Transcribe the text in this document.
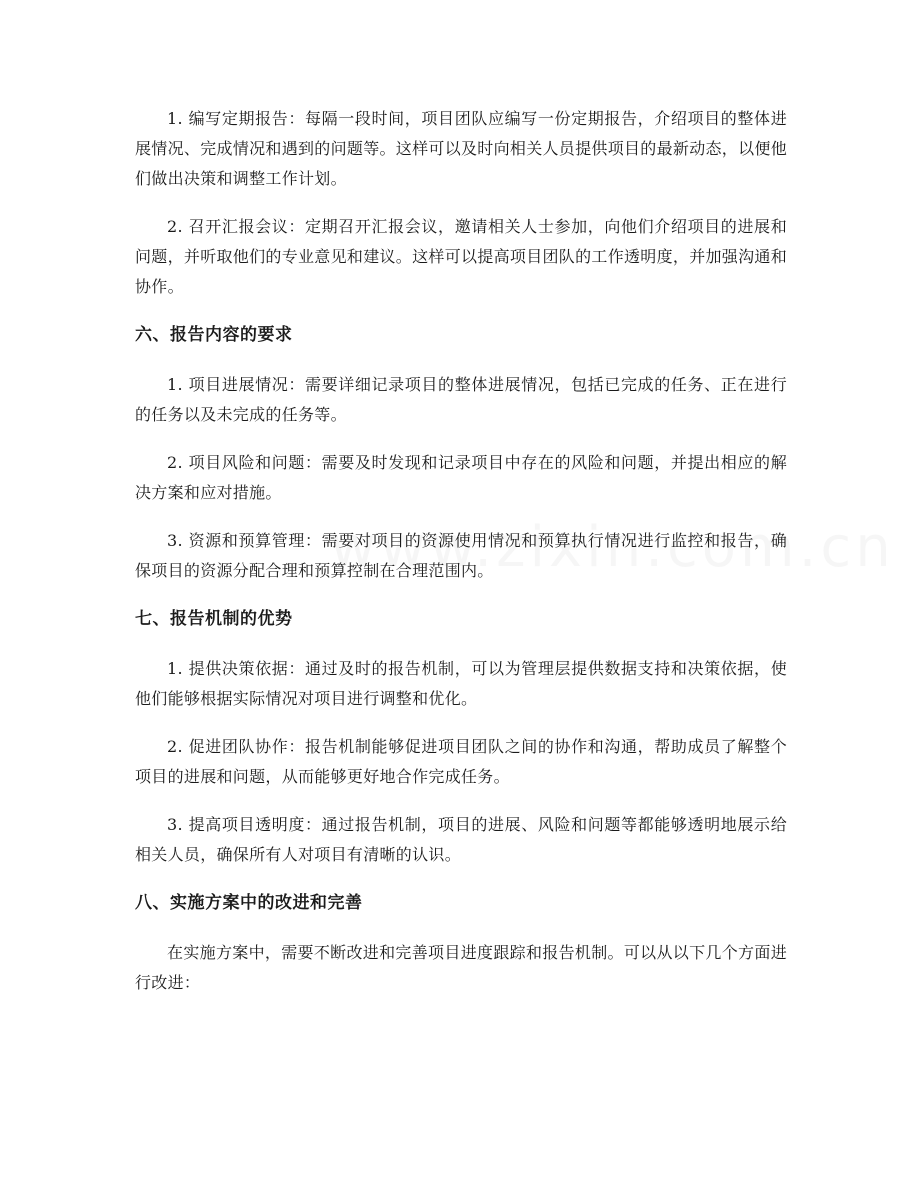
1. 编写定期报告：每隔一段时间，项目团队应编写一份定期报告，介绍项目的整体进展情况、完成情况和遇到的问题等。这样可以及时向相关人员提供项目的最新动态，以便他们做出决策和调整工作计划。

2. 召开汇报会议：定期召开汇报会议，邀请相关人士参加，向他们介绍项目的进展和问题，并听取他们的专业意见和建议。这样可以提高项目团队的工作透明度，并加强沟通和协作。

六、报告内容的要求

1. 项目进展情况：需要详细记录项目的整体进展情况，包括已完成的任务、正在进行的任务以及未完成的任务等。

2. 项目风险和问题：需要及时发现和记录项目中存在的风险和问题，并提出相应的解决方案和应对措施。

3. 资源和预算管理：需要对项目的资源使用情况和预算执行情况进行监控和报告，确保项目的资源分配合理和预算控制在合理范围内。

七、报告机制的优势

1. 提供决策依据：通过及时的报告机制，可以为管理层提供数据支持和决策依据，使他们能够根据实际情况对项目进行调整和优化。

2. 促进团队协作：报告机制能够促进项目团队之间的协作和沟通，帮助成员了解整个项目的进展和问题，从而能够更好地合作完成任务。

3. 提高项目透明度：通过报告机制，项目的进展、风险和问题等都能够透明地展示给相关人员，确保所有人对项目有清晰的认识。

八、实施方案中的改进和完善

在实施方案中，需要不断改进和完善项目进度跟踪和报告机制。可以从以下几个方面进行改进：
